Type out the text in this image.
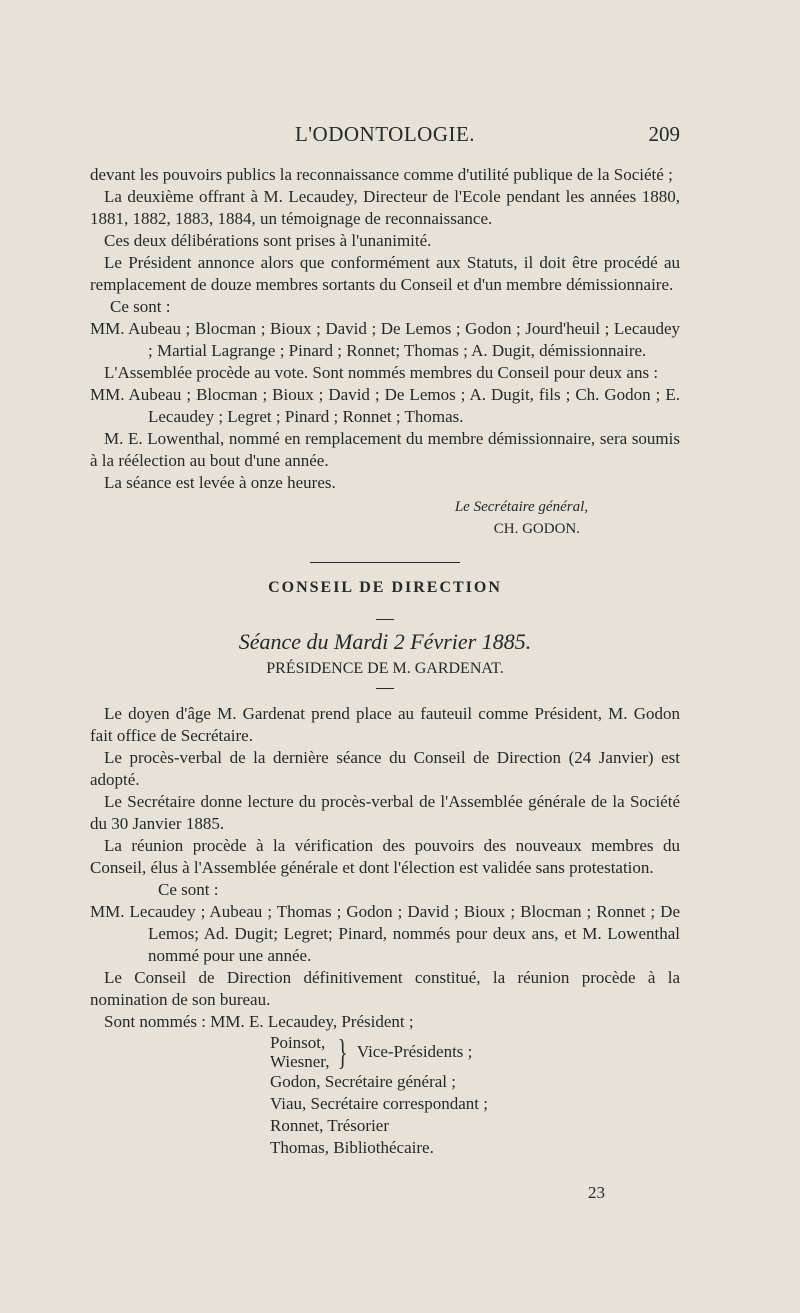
L'ODONTOLOGIE.	209

devant les pouvoirs publics la reconnaissance comme d'utilité publique de la Société ;

La deuxième offrant à M. Lecaudey, Directeur de l'Ecole pendant les années 1880, 1881, 1882, 1883, 1884, un témoignage de reconnaissance.

Ces deux délibérations sont prises à l'unanimité.

Le Président annonce alors que conformément aux Statuts, il doit être procédé au remplacement de douze membres sortants du Conseil et d'un membre démissionnaire.

Ce sont :

MM. Aubeau ; Blocman ; Bioux ; David ; De Lemos ; Godon ; Jourd'heuil ; Lecaudey ; Martial Lagrange ; Pinard ; Ronnet; Thomas ; A. Dugit, démissionnaire.

L'Assemblée procède au vote. Sont nommés membres du Conseil pour deux ans :

MM. Aubeau ; Blocman ; Bioux ; David ; De Lemos ; A. Dugit, fils ; Ch. Godon ; E. Lecaudey ; Legret ; Pinard ; Ronnet ; Thomas.

M. E. Lowenthal, nommé en remplacement du membre démissionnaire, sera soumis à la réélection au bout d'une année.

La séance est levée à onze heures.

Le Secrétaire général,
CH. GODON.
CONSEIL DE DIRECTION
Séance du Mardi 2 Février 1885.
PRÉSIDENCE DE M. GARDENAT.

Le doyen d'âge M. Gardenat prend place au fauteuil comme Président, M. Godon fait office de Secrétaire.

Le procès-verbal de la dernière séance du Conseil de Direction (24 Janvier) est adopté.

Le Secrétaire donne lecture du procès-verbal de l'Assemblée générale de la Société du 30 Janvier 1885.

La réunion procède à la vérification des pouvoirs des nouveaux membres du Conseil, élus à l'Assemblée générale et dont l'élection est validée sans protestation.

Ce sont :

MM. Lecaudey ; Aubeau ; Thomas ; Godon ; David ; Bioux ; Blocman ; Ronnet ; De Lemos; Ad. Dugit; Legret; Pinard, nommés pour deux ans, et M. Lowenthal nommé pour une année.

Le Conseil de Direction définitivement constitué, la réunion procède à la nomination de son bureau.

Sont nommés : MM. E. Lecaudey, Président ;

Poinsot,
Wiesner, } Vice-Présidents ;

Godon, Secrétaire général ;

Viau, Secrétaire correspondant ;

Ronnet, Trésorier

Thomas, Bibliothécaire.

23
